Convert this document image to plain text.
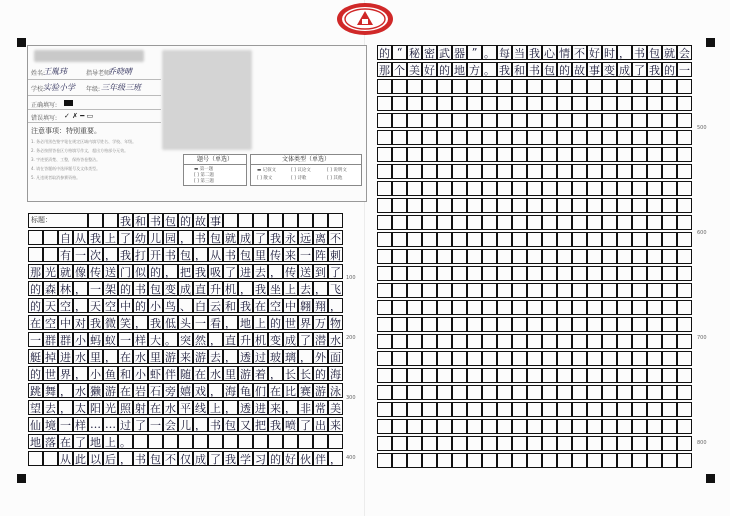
姓名:
王胤玮	指导老师:
乔晓晴
学校:
实验小学 年级: 三年级三班
正确填写:
错误填写: ✓ ✗ ━ ▭
注意事项：特别重要。
1. 务必用黑色签字笔在规定区域内填写姓名、学校、年级。
2. 务必按照答卷区方格填写作文，超出方格部分无效。
3. 字迹要清楚、工整，保持答卷整洁。
4. 请在答题纸中选择题号及文体类型。
5. 凡违规者取消参赛资格。
题号（单选）
▬ 第一题
[ ] 第二题
[ ] 第三题
文体类型（单选）
▬ 记叙文	[ ] 议论文	[ ] 说明文
[ ] 散文	[ ] 诗歌	[ ] 其他
我 和 书 包 的 故 事
自 从 我 上 了 幼 儿 园 ， 书 包 就 成 了 我 永 远 离 不
有 一 次 ， 我 打 开 书 包 ， 从 书 包 里 传 来 一 阵 刺
那 光 就 像 传 送 门 似 的 ， 把 我 吸 了 进 去 ， 传 送 到 了
的 森 林 ， 一 架 的 书 包 变 成 直 升 机 ， 我 坐 上 去 ， 飞
的 天 空 ， 天 空 中 的 小 鸟 、 白 云 和 我 在 空 中 翱 翔 ，
在 空 中 对 我 微 笑 ， 我 低 头 一 看 ， 地 上 的 世 界 万 物
一 群 群 小 蚂 蚁 一 样 大 。 突 然 ， 直 升 机 变 成 了 潜 水
艇 掉 进 水 里 ， 在 水 里 游 来 游 去 ， 透 过 玻 璃 ， 外 面
的 世 界 ， 小 鱼 和 小 虾 伴 随 在 水 里 游 着 ， 长 长 的 海
跳 舞 ， 水 獭 游 在 岩 石 旁 嬉 戏 ， 海 龟 们 在 比 赛 游 泳
望 去 ， 太 阳 光 照 射 在 水 平 线 上 ， 透 进 来 ， 非 常 美
仙 境 一 样 … … 过 了 一 会 儿 ， 书 包 又 把 我 喷 了 出 来
地 落 在 了 地 上 。
从 此 以 后 ， 书 包 不 仅 成 了 我 学 习 的 好 伙 伴 ，
标题：
的 “ 秘 密 武 器 ” 。 每 当 我 心 情 不 好 时 ， 书 包 就 会
那 个 美 好 的 地 方 。 我 和 书 包 的 故 事 变 成 了 我 的 一
100
200
300
400
500
600
700
800
